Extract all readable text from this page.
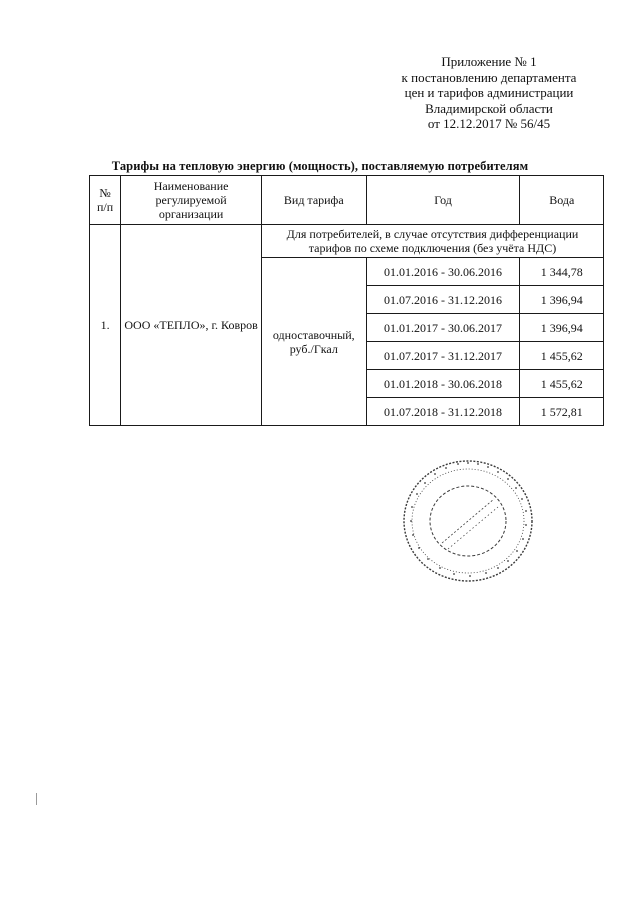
Приложение № 1
к постановлению департамента
цен и тарифов администрации
Владимирской области
от 12.12.2017 № 56/45
Тарифы на тепловую энергию (мощность), поставляемую потребителям
№ п/п	Наименование регулируемой организации	Вид тарифа	Год	Вода
1.	ООО «ТЕПЛО», г. Ковров	Для потребителей, в случае отсутствия дифференциации тарифов по схеме подключения (без учёта НДС)		
		одноставочный, руб./Гкал	01.01.2016 - 30.06.2016	1 344,78
			01.07.2016 - 31.12.2016	1 396,94
			01.01.2017 - 30.06.2017	1 396,94
			01.07.2017 - 31.12.2017	1 455,62
			01.01.2018 - 30.06.2018	1 455,62
			01.07.2018 - 31.12.2018	1 572,81
